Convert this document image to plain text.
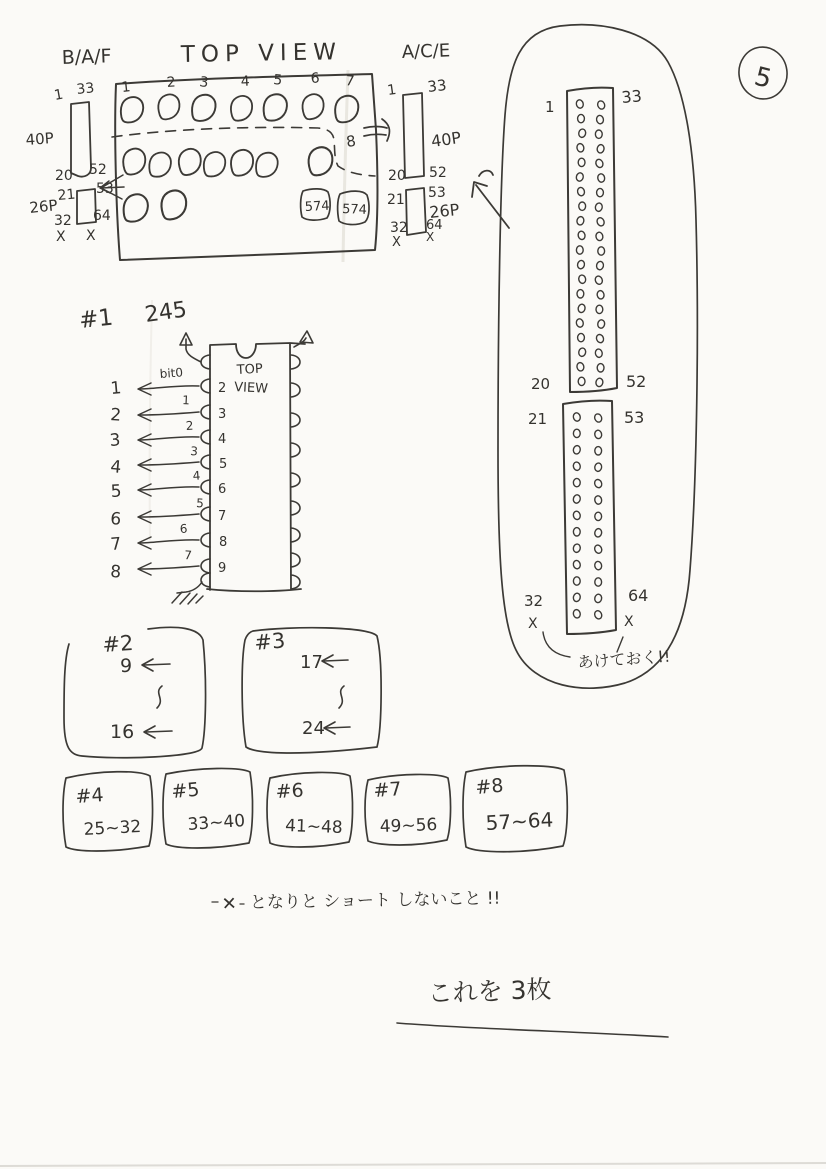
B/A/F	TOP VIEW	A/C/E
5
1 2 3 4 5 6 7
8
574 574
1 33
40P
20 52
21 53
26P
32 64
X X
1 33
40P
20 52
21 53
26P
32 64
X X
1
33
20	52
21	53
32	64
X	X
あけておく!!
#1 245
TOP
VIEW
1
2
3
4
5
6
7
8
bit0
1
2
3
4
5
6
7
2
3
4
5
6
7
8
9
#2
9
16
#3
17
24
#4
25~32
#5
33~40
#6
41~48
#7
49~56
#8
57~64
✕ となりと ショート しないこと !!
これを 3枚
